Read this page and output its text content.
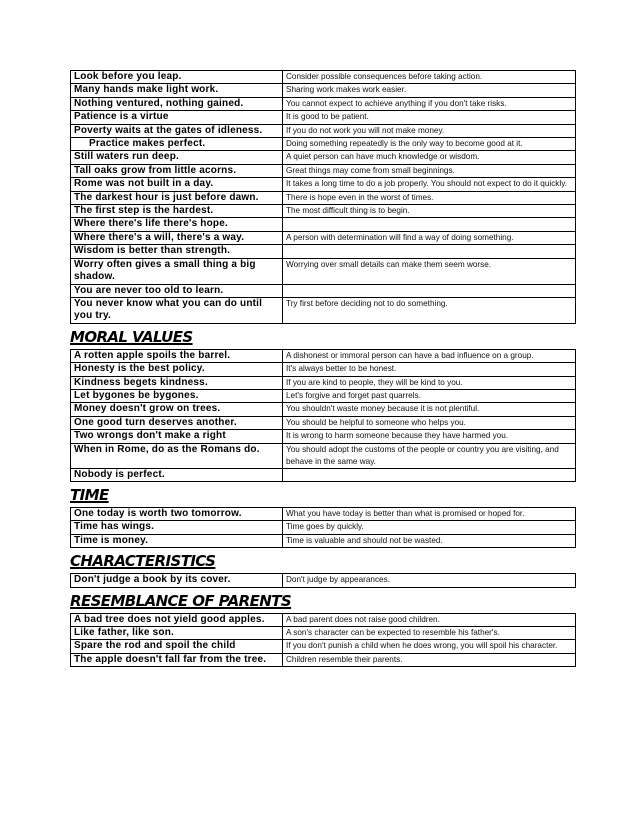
Look before you leap.	Consider possible consequences before taking action.
Many hands make light work.	Sharing work makes work easier.
Nothing ventured, nothing gained.	You cannot expect to achieve anything if you don't take risks.
Patience is a virtue	It is good to be patient.
Poverty waits at the gates of idleness.	If you do not work you will not make money.
Practice makes perfect.	Doing something repeatedly is the only way to become good at it.
Still waters run deep.	A quiet person can have much knowledge or wisdom.
Tall oaks grow from little acorns.	Great things may come from small beginnings.
Rome was not built in a day.	It takes a long time to do a job properly. You should not expect to do it quickly.
The darkest hour is just before dawn.	There is hope even in the worst of times.
The first step is the hardest.	The most difficult thing is to begin.
Where there's life there's hope.	
Where there's a will, there's a way.	A person with determination will find a way of doing something.
Wisdom is better than strength.	
Worry often gives a small thing a big shadow.	Worrying over small details can make them seem worse.
You are never too old to learn.	
You never know what you can do until you try.	Try first before deciding not to do something.
MORAL VALUES
A rotten apple spoils the barrel.	A dishonest or immoral person can have a bad influence on a group.
Honesty is the best policy.	It's always better to be honest.
Kindness begets kindness.	If you are kind to people, they will be kind to you.
Let bygones be bygones.	Let's forgive and forget past quarrels.
Money doesn't grow on trees.	You shouldn't waste money because it is not plentiful.
One good turn deserves another.	You should be helpful to someone who helps you.
Two wrongs don't make a right	It is wrong to harm someone because they have harmed you.
When in Rome, do as the Romans do.	You should adopt the customs of the people or country you are visiting, and behave in the same way.
Nobody is perfect.	
TIME
One today is worth two tomorrow.	What you have today is better than what is promised or hoped for.
Time has wings.	Time goes by quickly.
Time is money.	Time is valuable and should not be wasted.
CHARACTERISTICS
Don't judge a book by its cover.	Don't judge by appearances.
RESEMBLANCE OF PARENTS
A bad tree does not yield good apples.	A bad parent does not raise good children.
Like father, like son.	A son's character can be expected to resemble his father's.
Spare the rod and spoil the child	If you don't punish a child when he does wrong, you will spoil his character.
The apple doesn't fall far from the tree.	Children resemble their parents.
